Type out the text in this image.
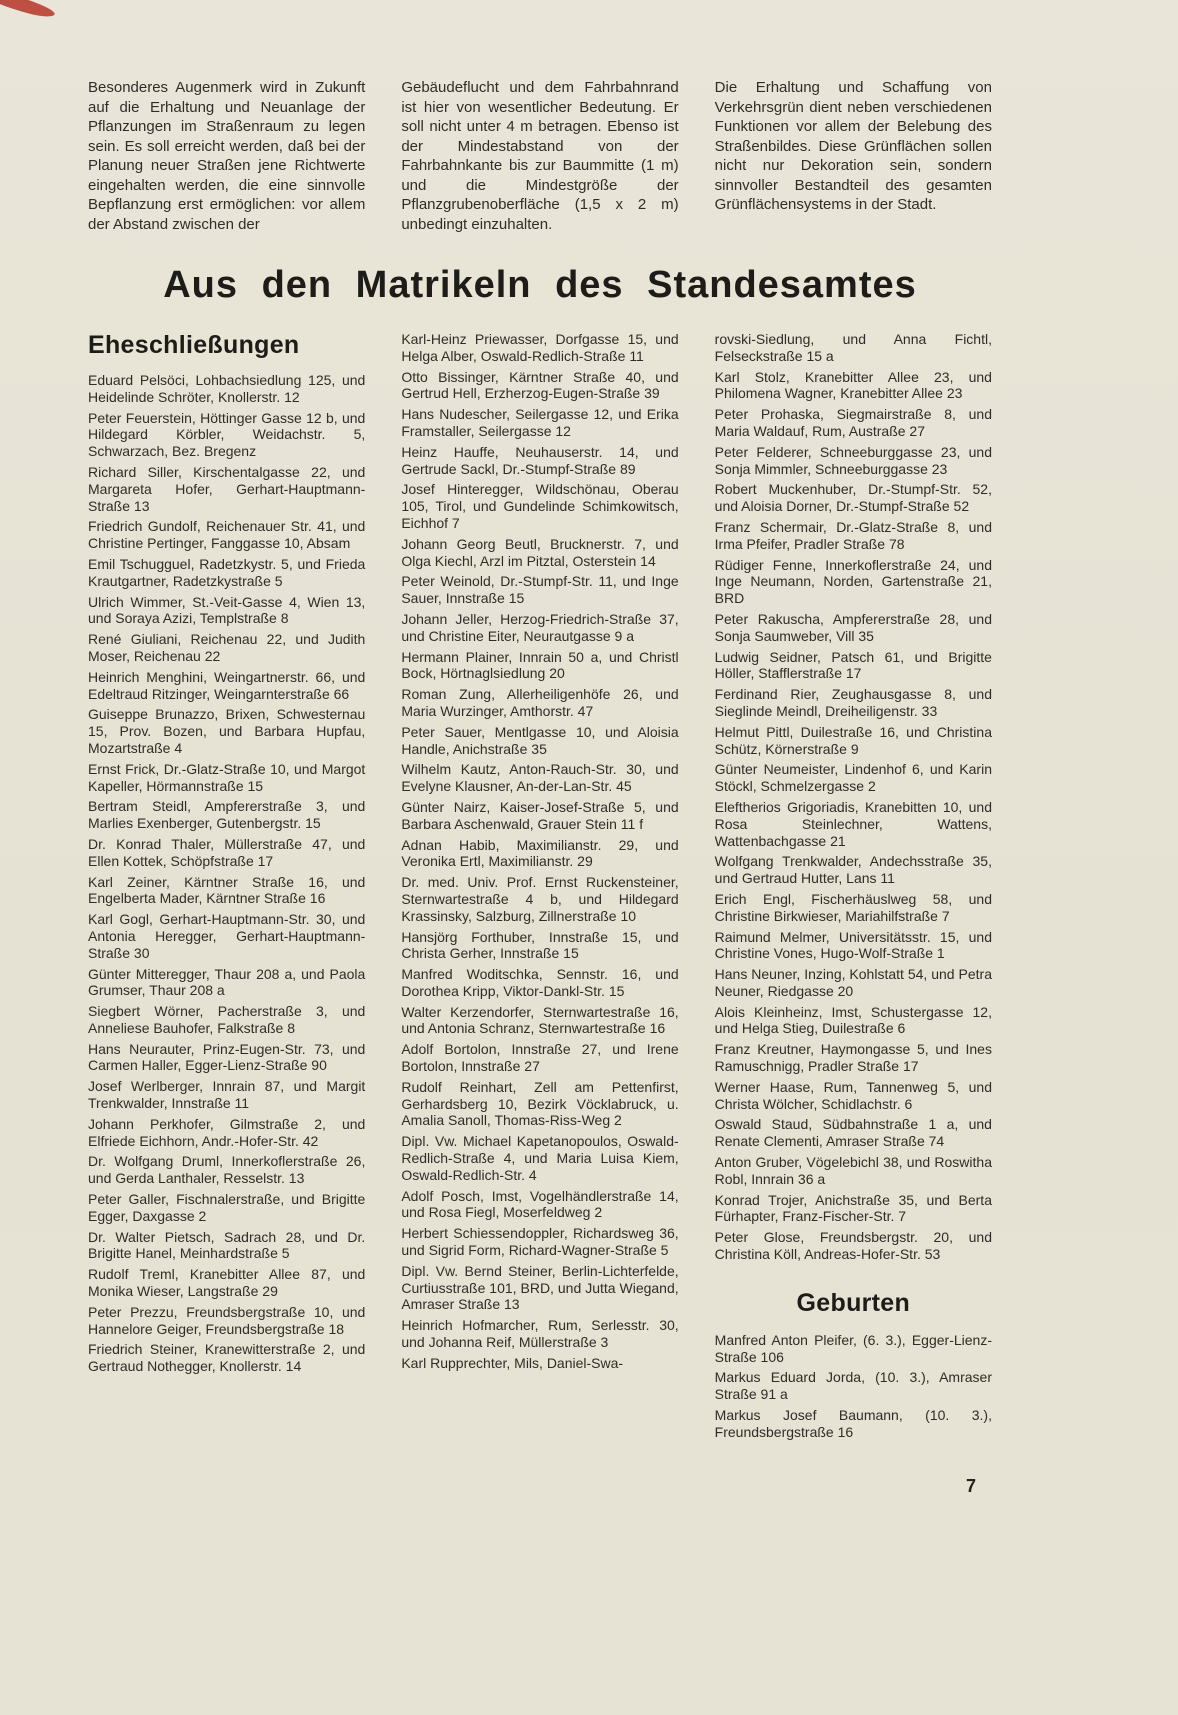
Besonderes Augenmerk wird in Zukunft auf die Erhaltung und Neuanlage der Pflanzungen im Straßenraum zu legen sein. Es soll erreicht werden, daß bei der Planung neuer Straßen jene Richtwerte eingehalten werden, die eine sinnvolle Bepflanzung erst ermöglichen: vor allem der Abstand zwischen der

Gebäudeflucht und dem Fahrbahnrand ist hier von wesentlicher Bedeutung. Er soll nicht unter 4 m betragen. Ebenso ist der Mindestabstand von der Fahrbahnkante bis zur Baummitte (1 m) und die Mindestgröße der Pflanzgrubenoberfläche (1,5 x 2 m) unbedingt einzuhalten.

Die Erhaltung und Schaffung von Verkehrsgrün dient neben verschiedenen Funktionen vor allem der Belebung des Straßenbildes. Diese Grünflächen sollen nicht nur Dekoration sein, sondern sinnvoller Bestandteil des gesamten Grünflächensystems in der Stadt.

Aus den Matrikeln des Standesamtes
Eheschließungen

Eduard Pelsöci, Lohbachsiedlung 125, und Heidelinde Schröter, Knollerstr. 12

Peter Feuerstein, Höttinger Gasse 12 b, und Hildegard Körbler, Weidachstr. 5, Schwarzach, Bez. Bregenz

Richard Siller, Kirschentalgasse 22, und Margareta Hofer, Gerhart-Hauptmann-Straße 13

Friedrich Gundolf, Reichenauer Str. 41, und Christine Pertinger, Fanggasse 10, Absam

Emil Tschugguel, Radetzkystr. 5, und Frieda Krautgartner, Radetzkystraße 5

Ulrich Wimmer, St.-Veit-Gasse 4, Wien 13, und Soraya Azizi, Templstraße 8

René Giuliani, Reichenau 22, und Judith Moser, Reichenau 22

Heinrich Menghini, Weingartnerstr. 66, und Edeltraud Ritzinger, Weingarnterstraße 66

Guiseppe Brunazzo, Brixen, Schwesternau 15, Prov. Bozen, und Barbara Hupfau, Mozartstraße 4

Ernst Frick, Dr.-Glatz-Straße 10, und Margot Kapeller, Hörmannstraße 15

Bertram Steidl, Ampfererstraße 3, und Marlies Exenberger, Gutenbergstr. 15

Dr. Konrad Thaler, Müllerstraße 47, und Ellen Kottek, Schöpfstraße 17

Karl Zeiner, Kärntner Straße 16, und Engelberta Mader, Kärntner Straße 16

Karl Gogl, Gerhart-Hauptmann-Str. 30, und Antonia Heregger, Gerhart-Hauptmann-Straße 30

Günter Mitteregger, Thaur 208 a, und Paola Grumser, Thaur 208 a

Siegbert Wörner, Pacherstraße 3, und Anneliese Bauhofer, Falkstraße 8

Hans Neurauter, Prinz-Eugen-Str. 73, und Carmen Haller, Egger-Lienz-Straße 90

Josef Werlberger, Innrain 87, und Margit Trenkwalder, Innstraße 11

Johann Perkhofer, Gilmstraße 2, und Elfriede Eichhorn, Andr.-Hofer-Str. 42

Dr. Wolfgang Druml, Innerkoflerstraße 26, und Gerda Lanthaler, Resselstr. 13

Peter Galler, Fischnalerstraße, und Brigitte Egger, Daxgasse 2

Dr. Walter Pietsch, Sadrach 28, und Dr. Brigitte Hanel, Meinhardstraße 5

Rudolf Treml, Kranebitter Allee 87, und Monika Wieser, Langstraße 29

Peter Prezzu, Freundsbergstraße 10, und Hannelore Geiger, Freundsbergstraße 18

Friedrich Steiner, Kranewitterstraße 2, und Gertraud Nothegger, Knollerstr. 14

Karl-Heinz Priewasser, Dorfgasse 15, und Helga Alber, Oswald-Redlich-Straße 11

Otto Bissinger, Kärntner Straße 40, und Gertrud Hell, Erzherzog-Eugen-Straße 39

Hans Nudescher, Seilergasse 12, und Erika Framstaller, Seilergasse 12

Heinz Hauffe, Neuhauserstr. 14, und Gertrude Sackl, Dr.-Stumpf-Straße 89

Josef Hinteregger, Wildschönau, Oberau 105, Tirol, und Gundelinde Schimkowitsch, Eichhof 7

Johann Georg Beutl, Brucknerstr. 7, und Olga Kiechl, Arzl im Pitztal, Osterstein 14

Peter Weinold, Dr.-Stumpf-Str. 11, und Inge Sauer, Innstraße 15

Johann Jeller, Herzog-Friedrich-Straße 37, und Christine Eiter, Neurautgasse 9 a

Hermann Plainer, Innrain 50 a, und Christl Bock, Hörtnaglsiedlung 20

Roman Zung, Allerheiligenhöfe 26, und Maria Wurzinger, Amthorstr. 47

Peter Sauer, Mentlgasse 10, und Aloisia Handle, Anichstraße 35

Wilhelm Kautz, Anton-Rauch-Str. 30, und Evelyne Klausner, An-der-Lan-Str. 45

Günter Nairz, Kaiser-Josef-Straße 5, und Barbara Aschenwald, Grauer Stein 11 f

Adnan Habib, Maximilianstr. 29, und Veronika Ertl, Maximilianstr. 29

Dr. med. Univ. Prof. Ernst Ruckensteiner, Sternwartestraße 4 b, und Hildegard Krassinsky, Salzburg, Zillnerstraße 10

Hansjörg Forthuber, Innstraße 15, und Christa Gerher, Innstraße 15

Manfred Woditschka, Sennstr. 16, und Dorothea Kripp, Viktor-Dankl-Str. 15

Walter Kerzendorfer, Sternwartestraße 16, und Antonia Schranz, Sternwartestraße 16

Adolf Bortolon, Innstraße 27, und Irene Bortolon, Innstraße 27

Rudolf Reinhart, Zell am Pettenfirst, Gerhardsberg 10, Bezirk Vöcklabruck, u. Amalia Sanoll, Thomas-Riss-Weg 2

Dipl. Vw. Michael Kapetanopoulos, Oswald-Redlich-Straße 4, und Maria Luisa Kiem, Oswald-Redlich-Str. 4

Adolf Posch, Imst, Vogelhändlerstraße 14, und Rosa Fiegl, Moserfeldweg 2

Herbert Schiessendoppler, Richardsweg 36, und Sigrid Form, Richard-Wagner-Straße 5

Dipl. Vw. Bernd Steiner, Berlin-Lichterfelde, Curtiusstraße 101, BRD, und Jutta Wiegand, Amraser Straße 13

Heinrich Hofmarcher, Rum, Serlesstr. 30, und Johanna Reif, Müllerstraße 3

Karl Rupprechter, Mils, Daniel-Swa-

rovski-Siedlung, und Anna Fichtl, Felseckstraße 15 a

Karl Stolz, Kranebitter Allee 23, und Philomena Wagner, Kranebitter Allee 23

Peter Prohaska, Siegmairstraße 8, und Maria Waldauf, Rum, Austraße 27

Peter Felderer, Schneeburggasse 23, und Sonja Mimmler, Schneeburggasse 23

Robert Muckenhuber, Dr.-Stumpf-Str. 52, und Aloisia Dorner, Dr.-Stumpf-Straße 52

Franz Schermair, Dr.-Glatz-Straße 8, und Irma Pfeifer, Pradler Straße 78

Rüdiger Fenne, Innerkoflerstraße 24, und Inge Neumann, Norden, Gartenstraße 21, BRD

Peter Rakuscha, Ampfererstraße 28, und Sonja Saumweber, Vill 35

Ludwig Seidner, Patsch 61, und Brigitte Höller, Stafflerstraße 17

Ferdinand Rier, Zeughausgasse 8, und Sieglinde Meindl, Dreiheiligenstr. 33

Helmut Pittl, Duilestraße 16, und Christina Schütz, Körnerstraße 9

Günter Neumeister, Lindenhof 6, und Karin Stöckl, Schmelzergasse 2

Eleftherios Grigoriadis, Kranebitten 10, und Rosa Steinlechner, Wattens, Wattenbachgasse 21

Wolfgang Trenkwalder, Andechsstraße 35, und Gertraud Hutter, Lans 11

Erich Engl, Fischerhäuslweg 58, und Christine Birkwieser, Mariahilfstraße 7

Raimund Melmer, Universitätsstr. 15, und Christine Vones, Hugo-Wolf-Straße 1

Hans Neuner, Inzing, Kohlstatt 54, und Petra Neuner, Riedgasse 20

Alois Kleinheinz, Imst, Schustergasse 12, und Helga Stieg, Duilestraße 6

Franz Kreutner, Haymongasse 5, und Ines Ramuschnigg, Pradler Straße 17

Werner Haase, Rum, Tannenweg 5, und Christa Wölcher, Schidlachstr. 6

Oswald Staud, Südbahnstraße 1 a, und Renate Clementi, Amraser Straße 74

Anton Gruber, Vögelebichl 38, und Roswitha Robl, Innrain 36 a

Konrad Trojer, Anichstraße 35, und Berta Fürhapter, Franz-Fischer-Str. 7

Peter Glose, Freundsbergstr. 20, und Christina Köll, Andreas-Hofer-Str. 53

Geburten

Manfred Anton Pleifer, (6. 3.), Egger-Lienz-Straße 106

Markus Eduard Jorda, (10. 3.), Amraser Straße 91 a

Markus Josef Baumann, (10. 3.), Freundsbergstraße 16

7
